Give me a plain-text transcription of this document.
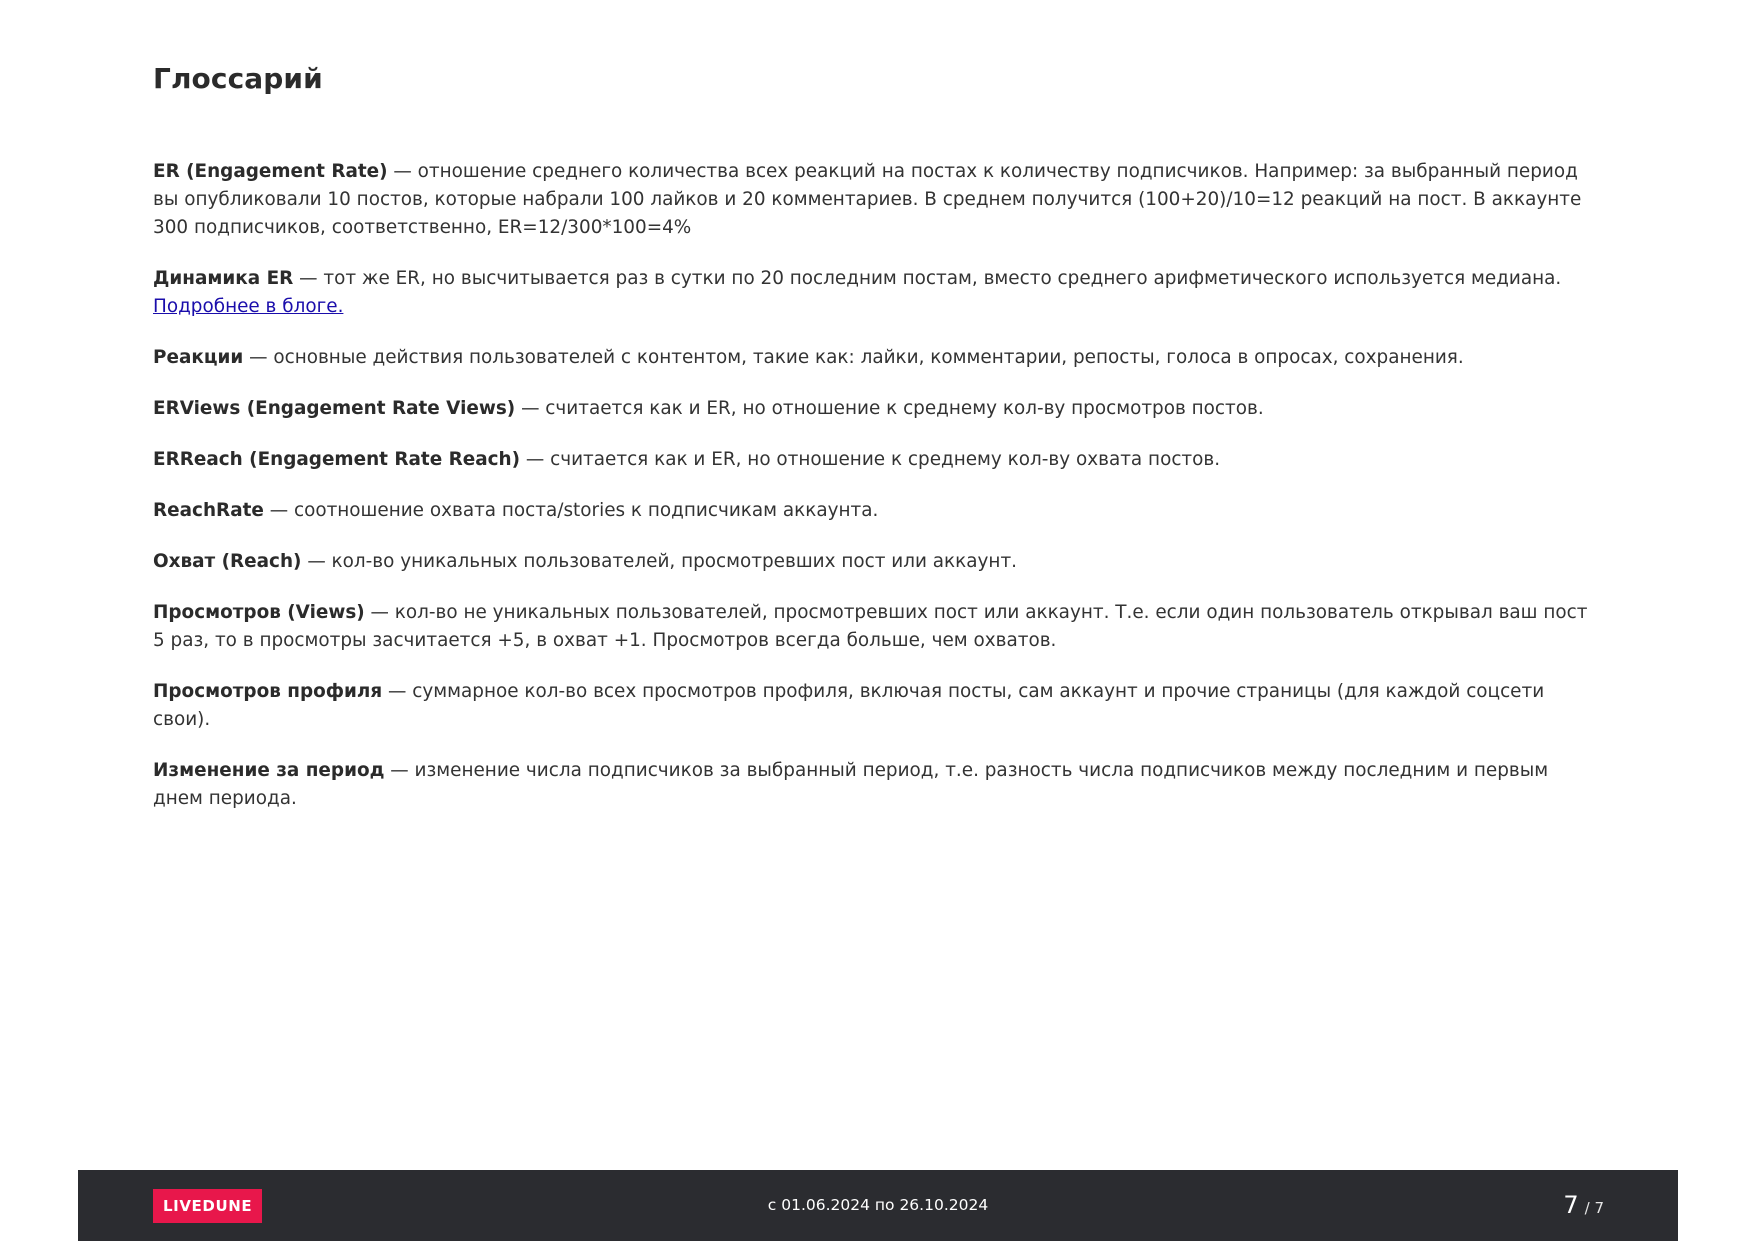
Глоссарий

ER (Engagement Rate) — отношение среднего количества всех реакций на постах к количеству подписчиков. Например: за выбранный период вы опубликовали 10 постов, которые набрали 100 лайков и 20 комментариев. В среднем получится (100+20)/10=12 реакций на пост. В аккаунте 300 подписчиков, соответственно, ER=12/300*100=4%

Динамика ER — тот же ER, но высчитывается раз в сутки по 20 последним постам, вместо среднего арифметического используется медиана. Подробнее в блоге.

Реакции — основные действия пользователей с контентом, такие как: лайки, комментарии, репосты, голоса в опросах, сохранения.

ERViews (Engagement Rate Views) — считается как и ER, но отношение к среднему кол-ву просмотров постов.

ERReach (Engagement Rate Reach) — считается как и ER, но отношение к среднему кол-ву охвата постов.

ReachRate — соотношение охвата поста/stories к подписчикам аккаунта.

Охват (Reach) — кол-во уникальных пользователей, просмотревших пост или аккаунт.

Просмотров (Views) — кол-во не уникальных пользователей, просмотревших пост или аккаунт. Т.е. если один пользователь открывал ваш пост 5 раз, то в просмотры засчитается +5, в охват +1. Просмотров всегда больше, чем охватов.

Просмотров профиля — суммарное кол-во всех просмотров профиля, включая посты, сам аккаунт и прочие страницы (для каждой соцсети свои).

Изменение за период — изменение числа подписчиков за выбранный период, т.е. разность числа подписчиков между последним и первым днем периода.

LIVEDUNE	с 01.06.2024 по 26.10.2024	7 / 7
